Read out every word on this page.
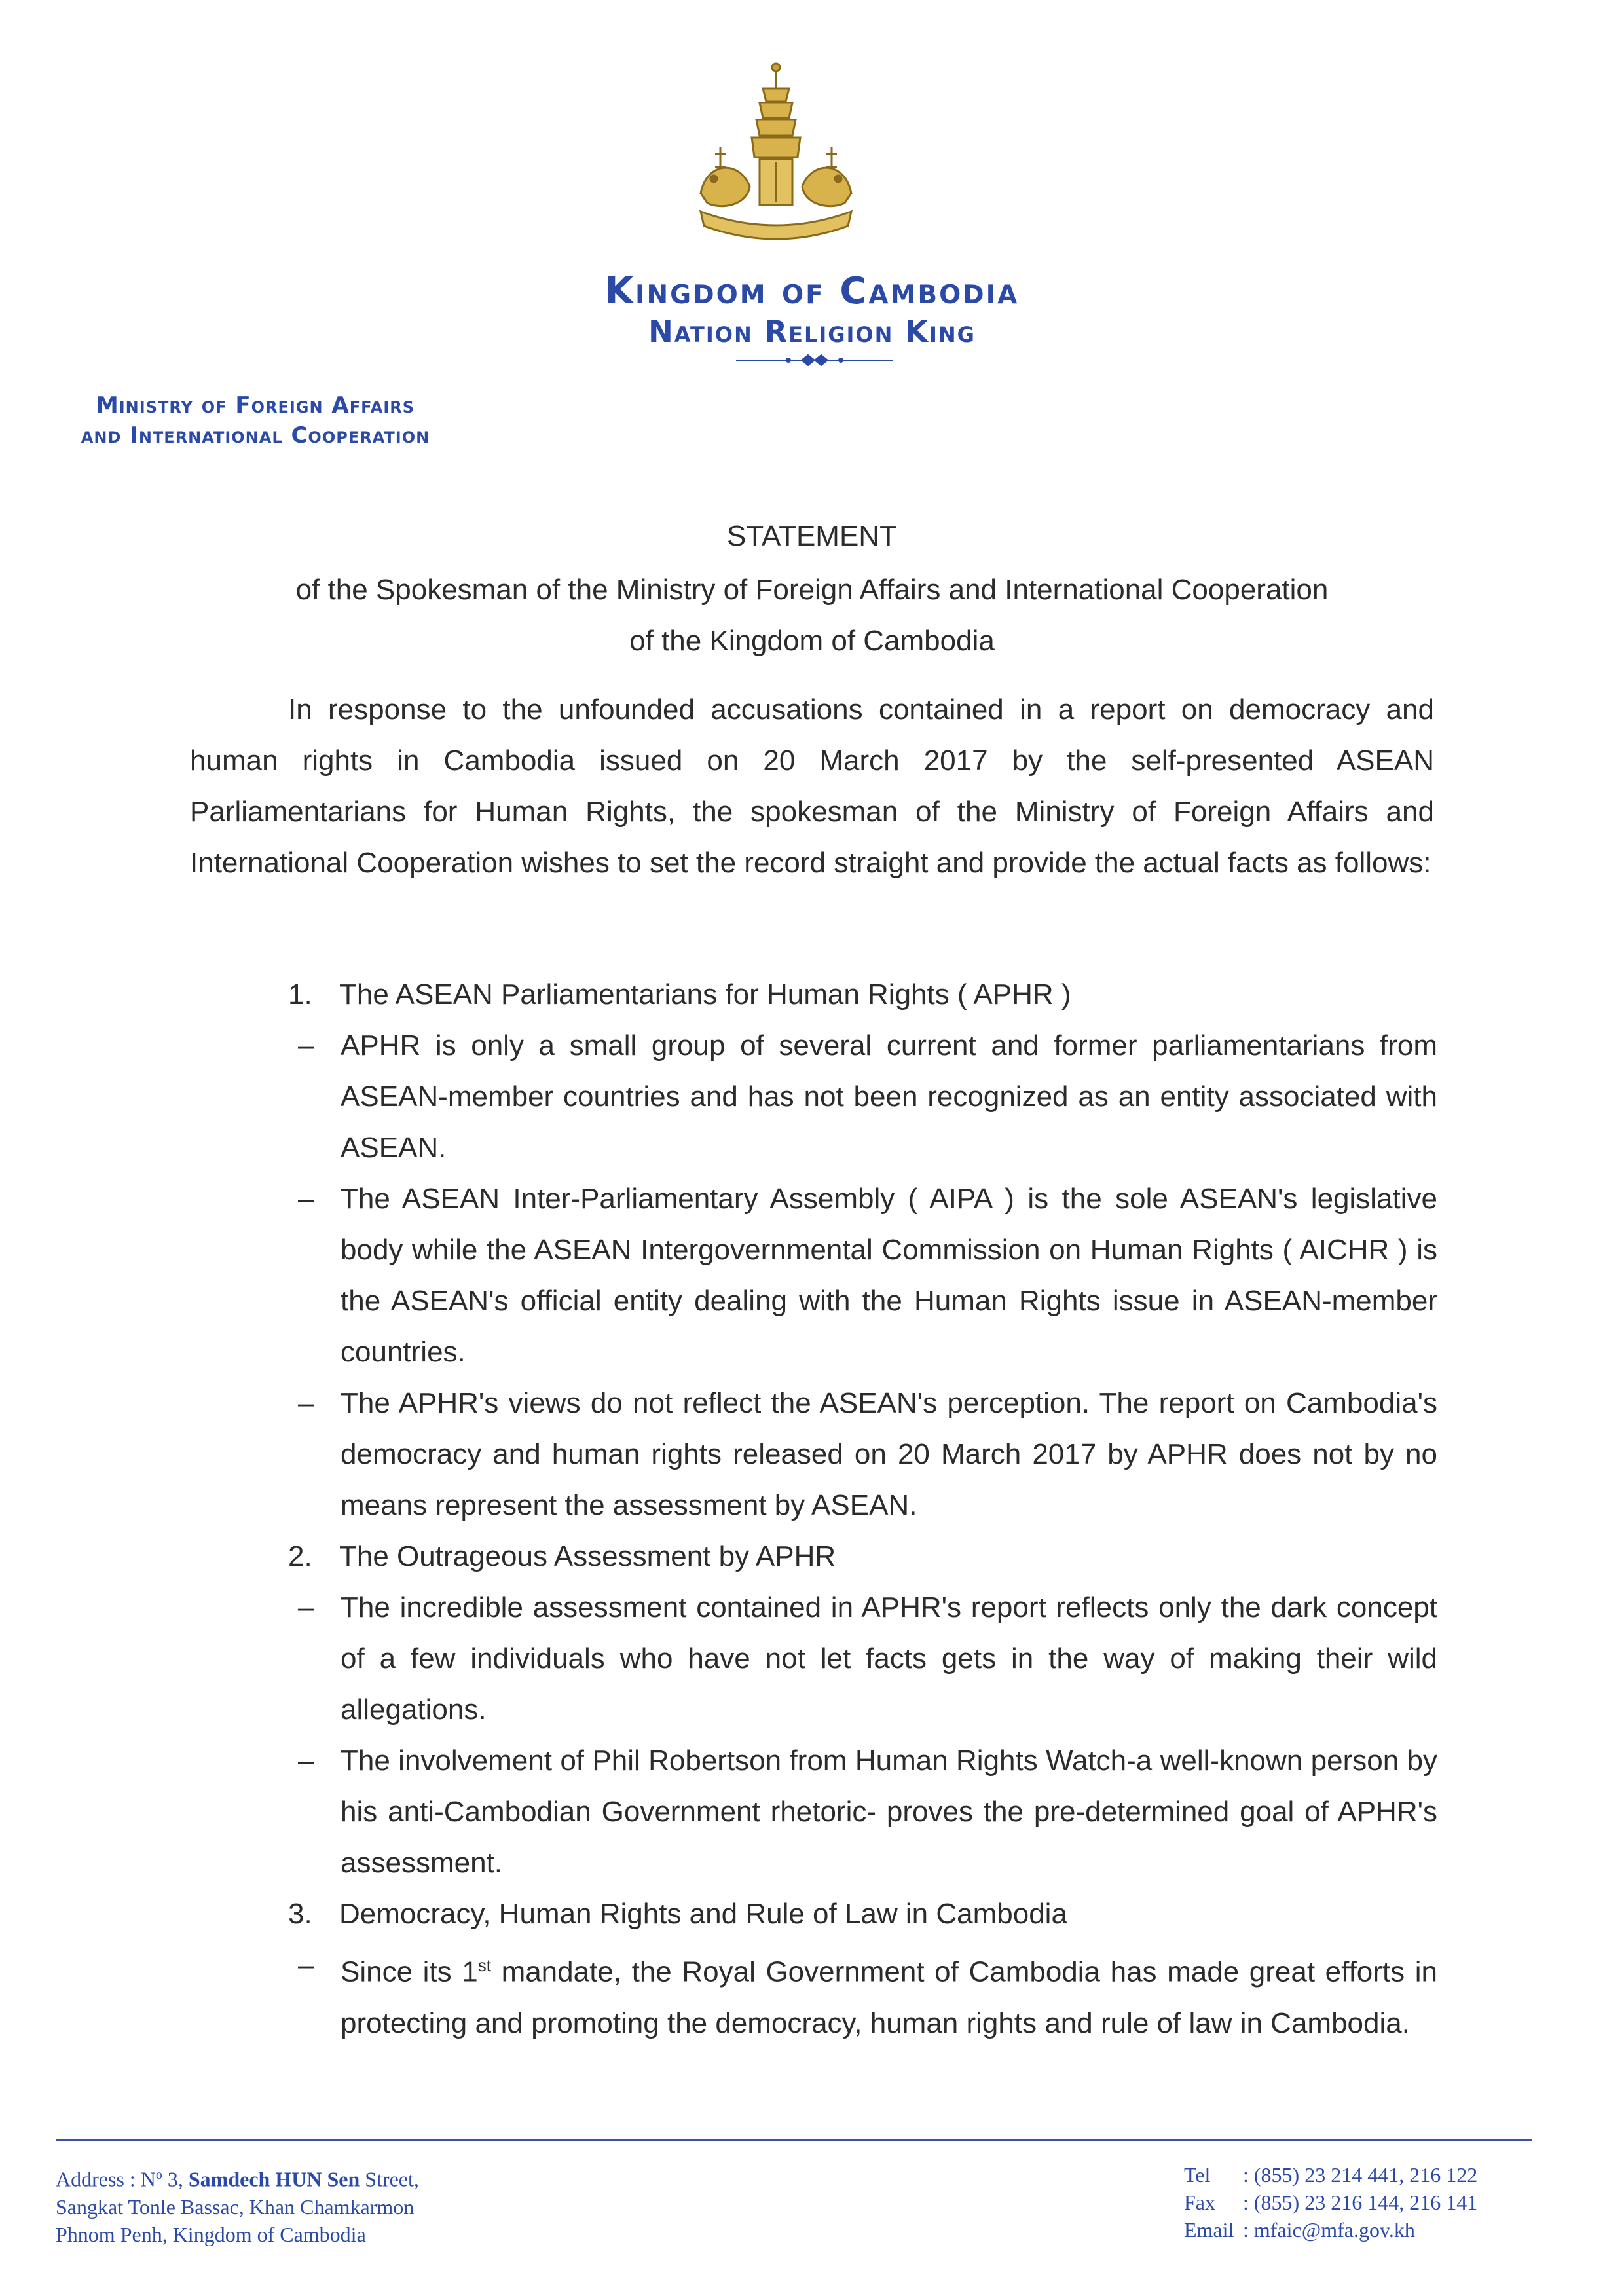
Kingdom of Cambodia
Nation Religion King
Ministry of Foreign Affairs
and International Cooperation
STATEMENT
of the Spokesman of the Ministry of Foreign Affairs and International Cooperation
of the Kingdom of Cambodia
In response to the unfounded accusations contained in a report on democracy and human rights in Cambodia issued on 20 March 2017 by the self-presented ASEAN Parliamentarians for Human Rights, the spokesman of the Ministry of Foreign Affairs and International Cooperation wishes to set the record straight and provide the actual facts as follows:
1. The ASEAN Parliamentarians for Human Rights ( APHR )
– APHR is only a small group of several current and former parliamentarians from ASEAN-member countries and has not been recognized as an entity associated with ASEAN.
– The ASEAN Inter-Parliamentary Assembly ( AIPA ) is the sole ASEAN's legislative body while the ASEAN Intergovernmental Commission on Human Rights ( AICHR ) is the ASEAN's official entity dealing with the Human Rights issue in ASEAN-member countries.
– The APHR's views do not reflect the ASEAN's perception. The report on Cambodia's democracy and human rights released on 20 March 2017 by APHR does not by no means represent the assessment by ASEAN.
2. The Outrageous Assessment by APHR
– The incredible assessment contained in APHR's report reflects only the dark concept of a few individuals who have not let facts gets in the way of making their wild allegations.
– The involvement of Phil Robertson from Human Rights Watch-a well-known person by his anti-Cambodian Government rhetoric- proves the pre-determined goal of APHR's assessment.
3. Democracy, Human Rights and Rule of Law in Cambodia
– Since its 1st mandate, the Royal Government of Cambodia has made great efforts in protecting and promoting the democracy, human rights and rule of law in Cambodia.
Address : $N^o$ 3, Samdech HUN Sen Street,
Sangkat Tonle Bassac, Khan Chamkarmon
Phnom Penh, Kingdom of Cambodia
Tel : (855) 23 214 441, 216 122
Fax : (855) 23 216 144, 216 141
Email : mfaic@mfa.gov.kh
